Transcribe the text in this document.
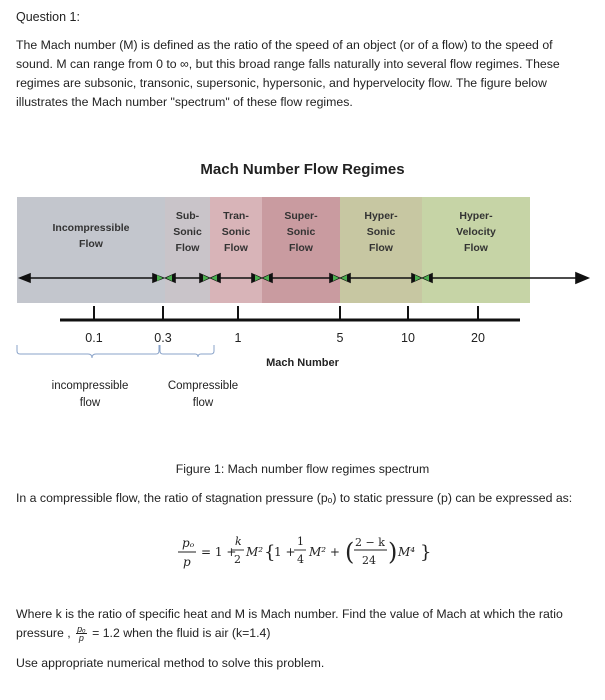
Question 1:
The Mach number (M) is defined as the ratio of the speed of an object (or of a flow) to the speed of sound. M can range from 0 to ∞, but this broad range falls naturally into several flow regimes. These regimes are subsonic, transonic, supersonic, hypersonic, and hypervelocity flow. The figure below illustrates the Mach number "spectrum" of these flow regimes.
Mach Number Flow Regimes
Incompressible
Flow
Sub-
Sonic
Flow
Tran-
Sonic
Flow
Super-
Sonic
Flow
Hyper-
Sonic
Flow
Hyper-
Velocity
Flow
0.1	0.3	1	5	10	20
Mach Number
incompressible
flow
Compressible
flow
Figure 1: Mach number flow regimes spectrum
In a compressible flow, the ratio of stagnation pressure (pₒ) to static pressure (p) can be expressed as:
pₒ
p
= 1 +
k
2
M² {
1 +
1
4
M² + ( 2 − k
24 ) M⁴ }
Where k is the ratio of specific heat and M is Mach number. Find the value of Mach at which the ratio pressure , $\frac{\text{pₒ}}{p} = 1.2$ when the fluid is air (k=1.4)
Use appropriate numerical method to solve this problem.
